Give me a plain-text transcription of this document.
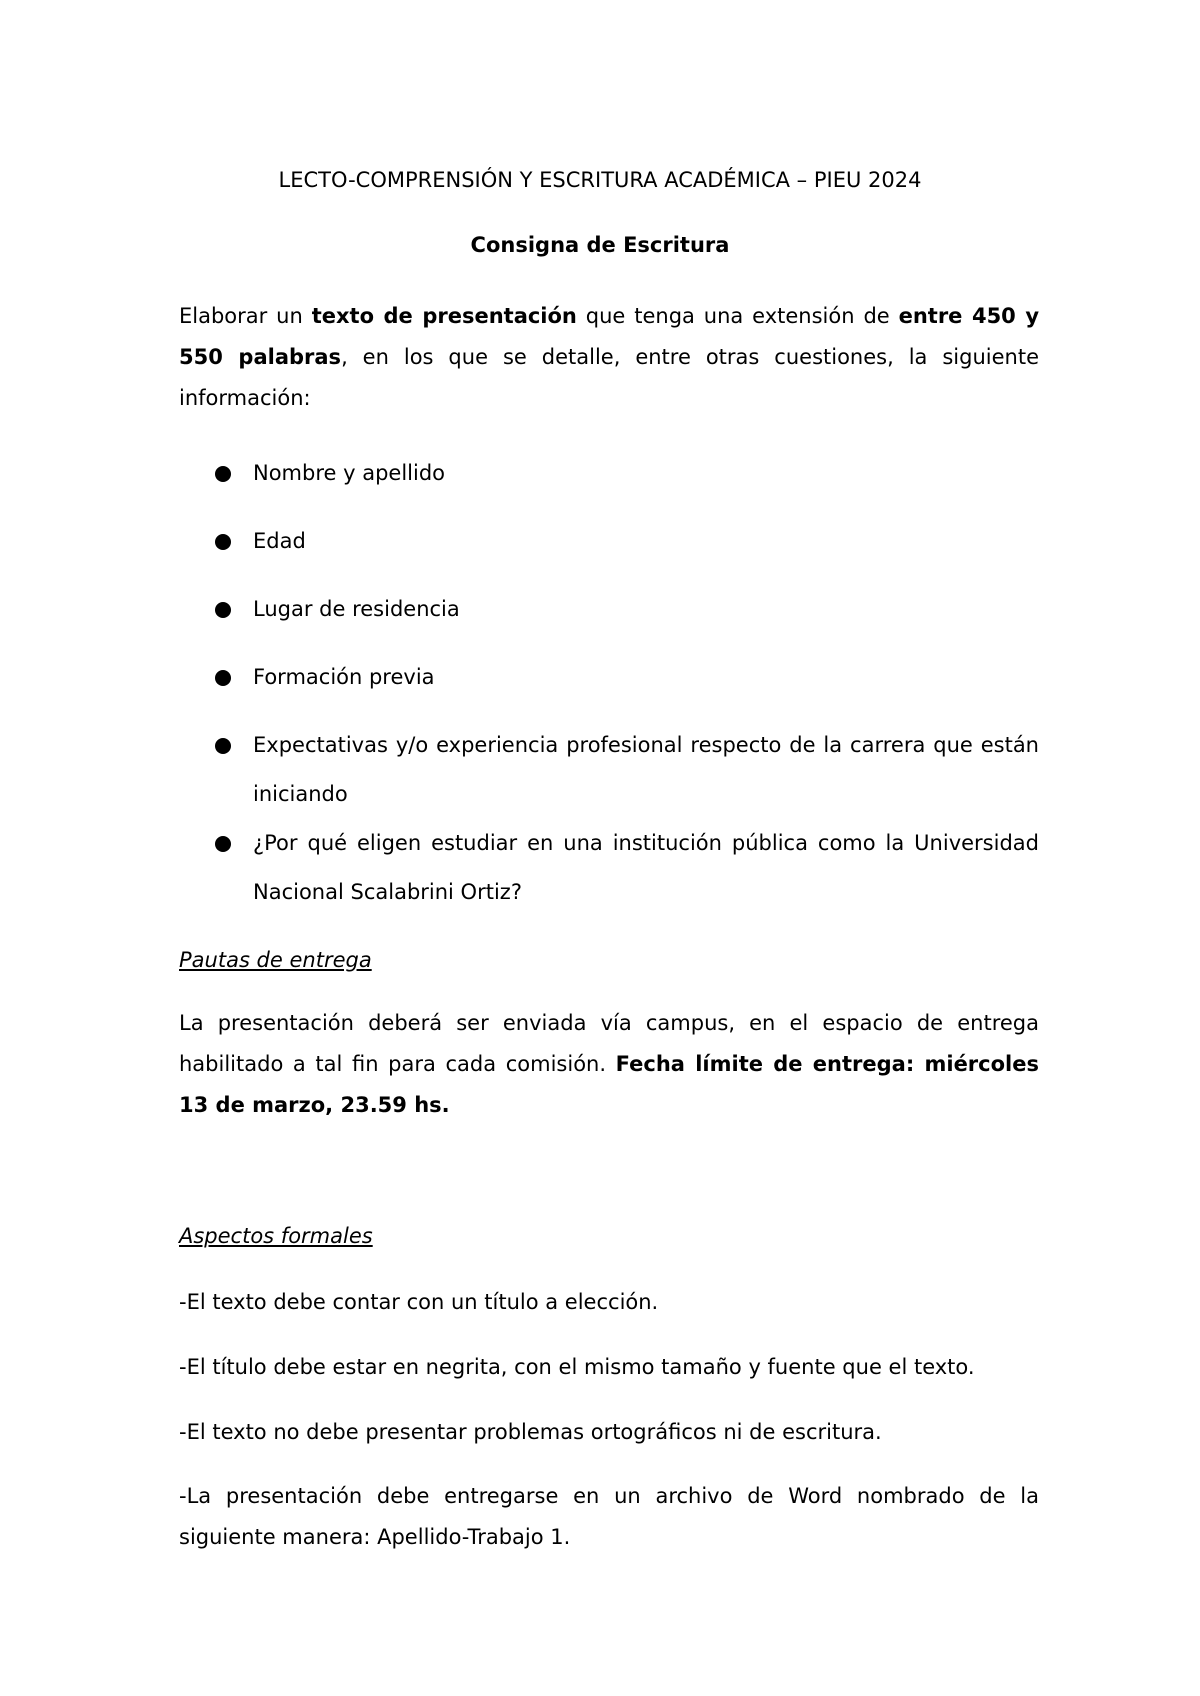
LECTO-COMPRENSIÓN Y ESCRITURA ACADÉMICA – PIEU 2024
Consigna de Escritura
Elaborar un texto de presentación que tenga una extensión de entre 450 y 550 palabras, en los que se detalle, entre otras cuestiones, la siguiente información:
Nombre y apellido
Edad
Lugar de residencia
Formación previa
Expectativas y/o experiencia profesional respecto de la carrera que están iniciando
¿Por qué eligen estudiar en una institución pública como la Universidad Nacional Scalabrini Ortiz?
Pautas de entrega
La presentación deberá ser enviada vía campus, en el espacio de entrega habilitado a tal fin para cada comisión. Fecha límite de entrega: miércoles 13 de marzo, 23.59 hs.
Aspectos formales
-El texto debe contar con un título a elección.
-El título debe estar en negrita, con el mismo tamaño y fuente que el texto.
-El texto no debe presentar problemas ortográficos ni de escritura.
-La presentación debe entregarse en un archivo de Word nombrado de la siguiente manera: Apellido-Trabajo 1.
